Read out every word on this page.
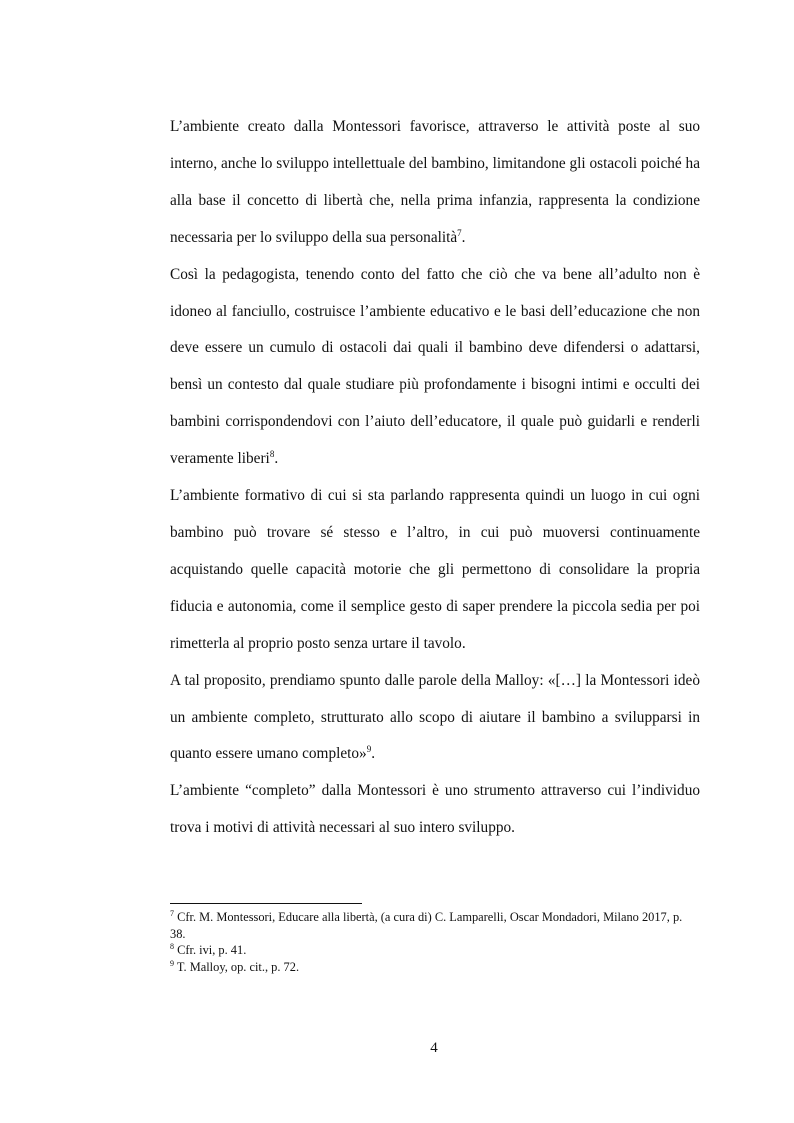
L’ambiente creato dalla Montessori favorisce, attraverso le attività poste al suo interno, anche lo sviluppo intellettuale del bambino, limitandone gli ostacoli poiché ha alla base il concetto di libertà che, nella prima infanzia, rappresenta la condizione necessaria per lo sviluppo della sua personalità$^7$.

Così la pedagogista, tenendo conto del fatto che ciò che va bene all’adulto non è idoneo al fanciullo, costruisce l’ambiente educativo e le basi dell’educazione che non deve essere un cumulo di ostacoli dai quali il bambino deve difendersi o adattarsi, bensì un contesto dal quale studiare più profondamente i bisogni intimi e occulti dei bambini corrispondendovi con l’aiuto dell’educatore, il quale può guidarli e renderli veramente liberi$^8$.

L’ambiente formativo di cui si sta parlando rappresenta quindi un luogo in cui ogni bambino può trovare sé stesso e l’altro, in cui può muoversi continuamente acquistando quelle capacità motorie che gli permettono di consolidare la propria fiducia e autonomia, come il semplice gesto di saper prendere la piccola sedia per poi rimetterla al proprio posto senza urtare il tavolo.

A tal proposito, prendiamo spunto dalle parole della Malloy: «[…] la Montessori ideò un ambiente completo, strutturato allo scopo di aiutare il bambino a svilupparsi in quanto essere umano completo»$^9$.

L’ambiente “completo” dalla Montessori è uno strumento attraverso cui l’individuo trova i motivi di attività necessari al suo intero sviluppo.

$^7$ Cfr. M. Montessori, Educare alla libertà, (a cura di) C. Lamparelli, Oscar Mondadori, Milano 2017, p. 38.

$^8$ Cfr. ivi, p. 41.

$^9$ T. Malloy, op. cit., p. 72.

4
